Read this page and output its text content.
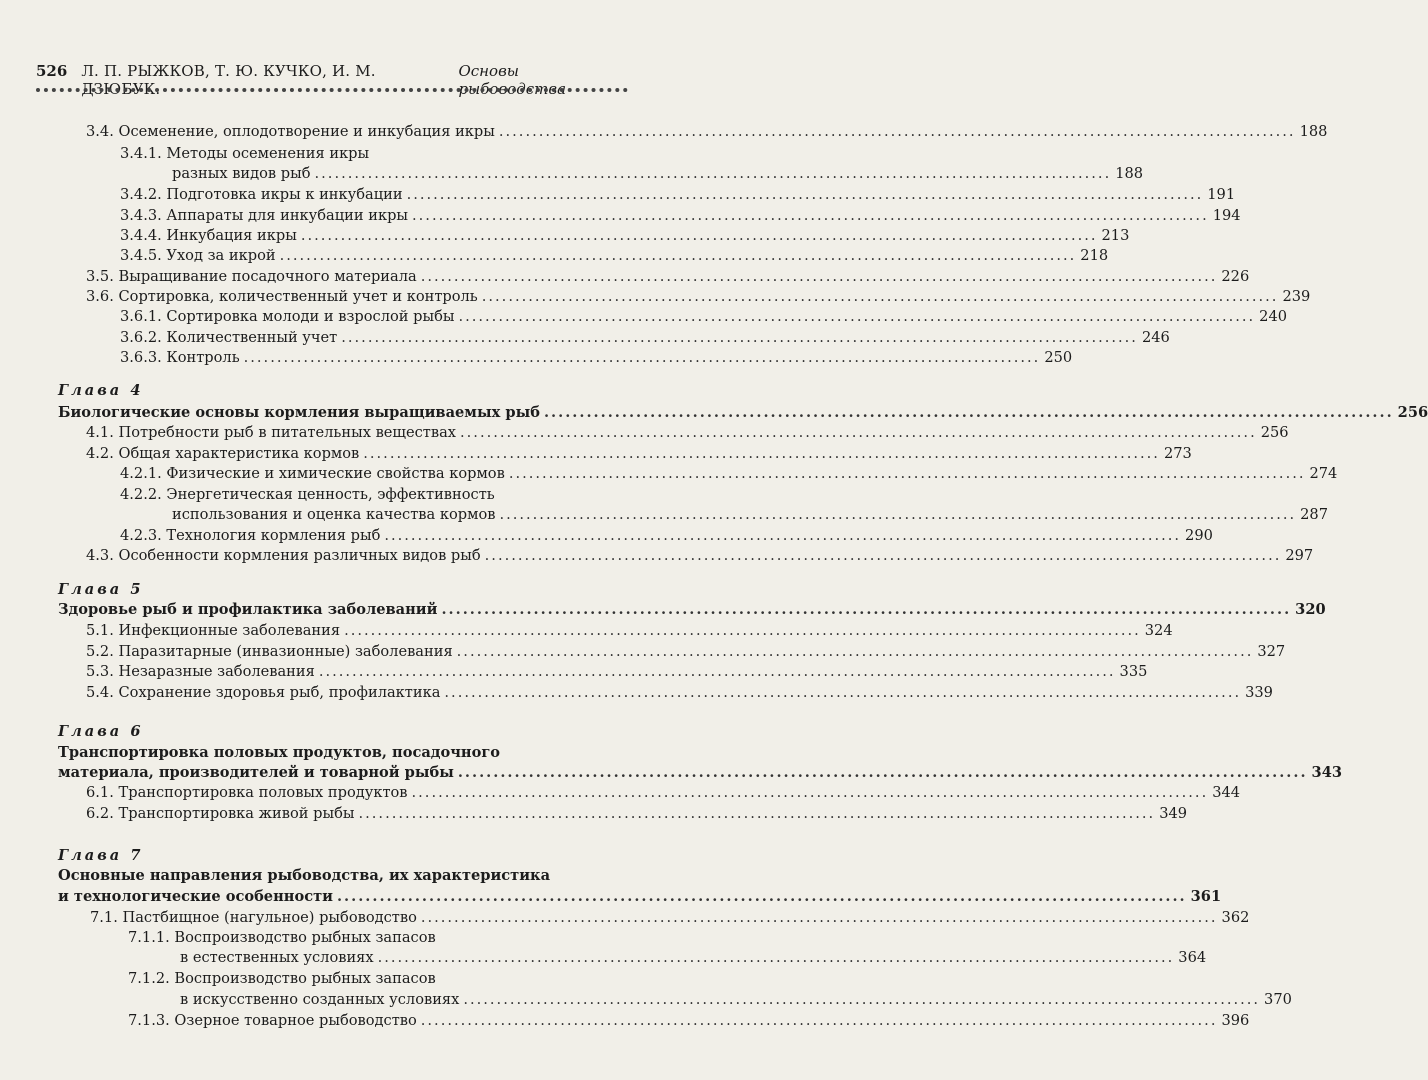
526 Л. П. РЫЖКОВ, Т. Ю. КУЧКО, И. М. ДЗЮБУК.
Основы рыбоводства
3.4. Осеменение, оплодотворение и инкубация икры ........................................................................................................................ 188
3.4.1. Методы осеменения икры
разных видов рыб ........................................................................................................................ 188
3.4.2. Подготовка икры к инкубации ........................................................................................................................ 191
3.4.3. Аппараты для инкубации икры ........................................................................................................................ 194
3.4.4. Инкубация икры ........................................................................................................................ 213
3.4.5. Уход за икрой ........................................................................................................................ 218
3.5. Выращивание посадочного материала ........................................................................................................................ 226
3.6. Сортировка, количественный учет и контроль ........................................................................................................................ 239
3.6.1. Сортировка молоди и взрослой рыбы ........................................................................................................................ 240
3.6.2. Количественный учет ........................................................................................................................ 246
3.6.3. Контроль ........................................................................................................................ 250
Глава 4
Биологические основы кормления выращиваемых рыб ........................................................................................................................ 256
4.1. Потребности рыб в питательных веществах ........................................................................................................................ 256
4.2. Общая характеристика кормов ........................................................................................................................ 273
4.2.1. Физические и химические свойства кормов ........................................................................................................................ 274
4.2.2. Энергетическая ценность, эффективность
использования и оценка качества кормов ........................................................................................................................ 287
4.2.3. Технология кормления рыб ........................................................................................................................ 290
4.3. Особенности кормления различных видов рыб ........................................................................................................................ 297
Глава 5
Здоровье рыб и профилактика заболеваний ........................................................................................................................ 320
5.1. Инфекционные заболевания ........................................................................................................................ 324
5.2. Паразитарные (инвазионные) заболевания ........................................................................................................................ 327
5.3. Незаразные заболевания ........................................................................................................................ 335
5.4. Сохранение здоровья рыб, профилактика ........................................................................................................................ 339
Глава 6
Транспортировка половых продуктов, посадочного
материала, производителей и товарной рыбы ........................................................................................................................ 343
6.1. Транспортировка половых продуктов ........................................................................................................................ 344
6.2. Транспортировка живой рыбы ........................................................................................................................ 349
Глава 7
Основные направления рыбоводства, их характеристика
и технологические особенности ........................................................................................................................ 361
7.1. Пастбищное (нагульное) рыбоводство ........................................................................................................................ 362
7.1.1. Воспроизводство рыбных запасов
в естественных условиях ........................................................................................................................ 364
7.1.2. Воспроизводство рыбных запасов
в искусственно созданных условиях ........................................................................................................................ 370
7.1.3. Озерное товарное рыбоводство ........................................................................................................................ 396
